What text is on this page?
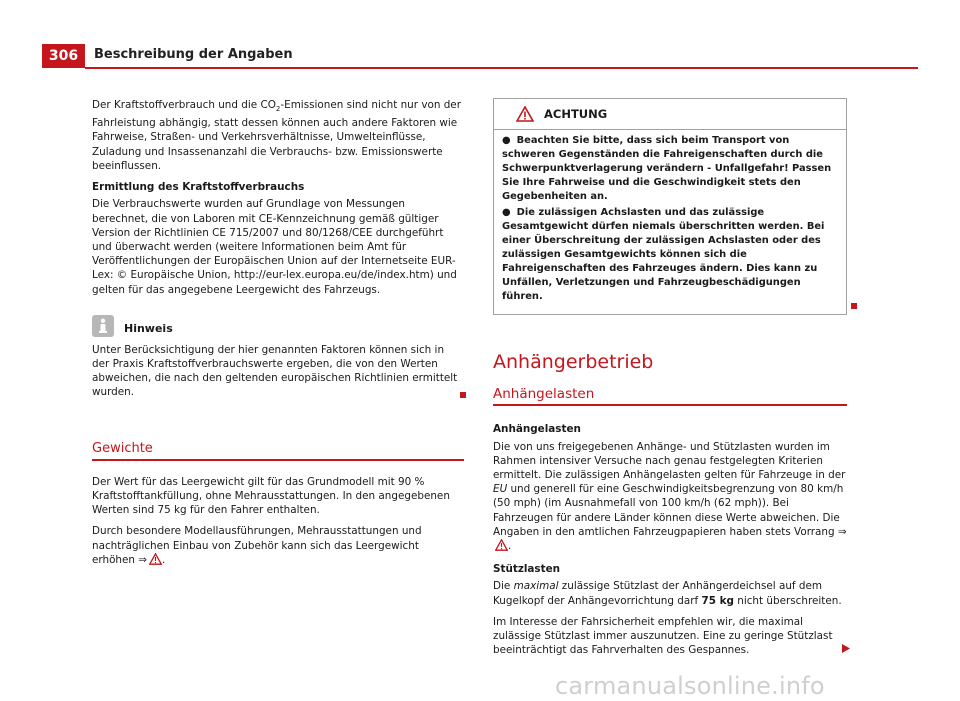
306	Beschreibung der Angaben

Der Kraftstoffverbrauch und die $CO_2$-Emissionen sind nicht nur von der Fahrleistung abhängig, statt dessen können auch andere Faktoren wie Fahrweise, Straßen- und Verkehrsverhältnisse, Umwelteinflüsse, Zuladung und Insassenanzahl die Verbrauchs- bzw. Emissionswerte beeinflussen.

Ermittlung des Kraftstoffverbrauchs

Die Verbrauchswerte wurden auf Grundlage von Messungen berechnet, die von Laboren mit CE-Kennzeichnung gemäß gültiger Version der Richtlinien CE 715/2007 und 80/1268/CEE durchgeführt und überwacht werden (weitere Informationen beim Amt für Veröffentlichungen der Europäischen Union auf der Internetseite EUR-Lex: © Europäische Union, http://eur-lex.europa.eu/de/index.htm) und gelten für das angegebene Leergewicht des Fahrzeugs.

Hinweis

Unter Berücksichtigung der hier genannten Faktoren können sich in der Praxis Kraftstoffverbrauchswerte ergeben, die von den Werten abweichen, die nach den geltenden europäischen Richtlinien ermittelt wurden.

Gewichte

Der Wert für das Leergewicht gilt für das Grundmodell mit 90 % Kraftstofftankfüllung, ohne Mehrausstattungen. In den angegebenen Werten sind 75 kg für den Fahrer enthalten.

Durch besondere Modellausführungen, Mehrausstattungen und nachträglichen Einbau von Zubehör kann sich das Leergewicht erhöhen ⇒ .

ACHTUNG

● Beachten Sie bitte, dass sich beim Transport von schweren Gegenständen die Fahreigenschaften durch die Schwerpunktverlagerung verändern - Unfallgefahr! Passen Sie Ihre Fahrweise und die Geschwindigkeit stets den Gegebenheiten an.

● Die zulässigen Achslasten und das zulässige Gesamtgewicht dürfen niemals überschritten werden. Bei einer Überschreitung der zulässigen Achslasten oder des zulässigen Gesamtgewichts können sich die Fahreigenschaften des Fahrzeuges ändern. Dies kann zu Unfällen, Verletzungen und Fahrzeugbeschädigungen führen.

Anhängerbetrieb
Anhängelasten

Anhängelasten

Die von uns freigegebenen Anhänge- und Stützlasten wurden im Rahmen intensiver Versuche nach genau festgelegten Kriterien ermittelt. Die zulässigen Anhängelasten gelten für Fahrzeuge in der EU und generell für eine Geschwindigkeitsbegrenzung von 80 km/h (50 mph) (im Ausnahmefall von 100 km/h (62 mph)). Bei Fahrzeugen für andere Länder können diese Werte abweichen. Die Angaben in den amtlichen Fahrzeugpapieren haben stets Vorrang ⇒.

Stützlasten

Die maximal zulässige Stützlast der Anhängerdeichsel auf dem Kugelkopf der Anhängevorrichtung darf 75 kg nicht überschreiten.

Im Interesse der Fahrsicherheit empfehlen wir, die maximal zulässige Stützlast immer auszunutzen. Eine zu geringe Stützlast beeinträchtigt das Fahrverhalten des Gespannes.

carmanualsonline.info
